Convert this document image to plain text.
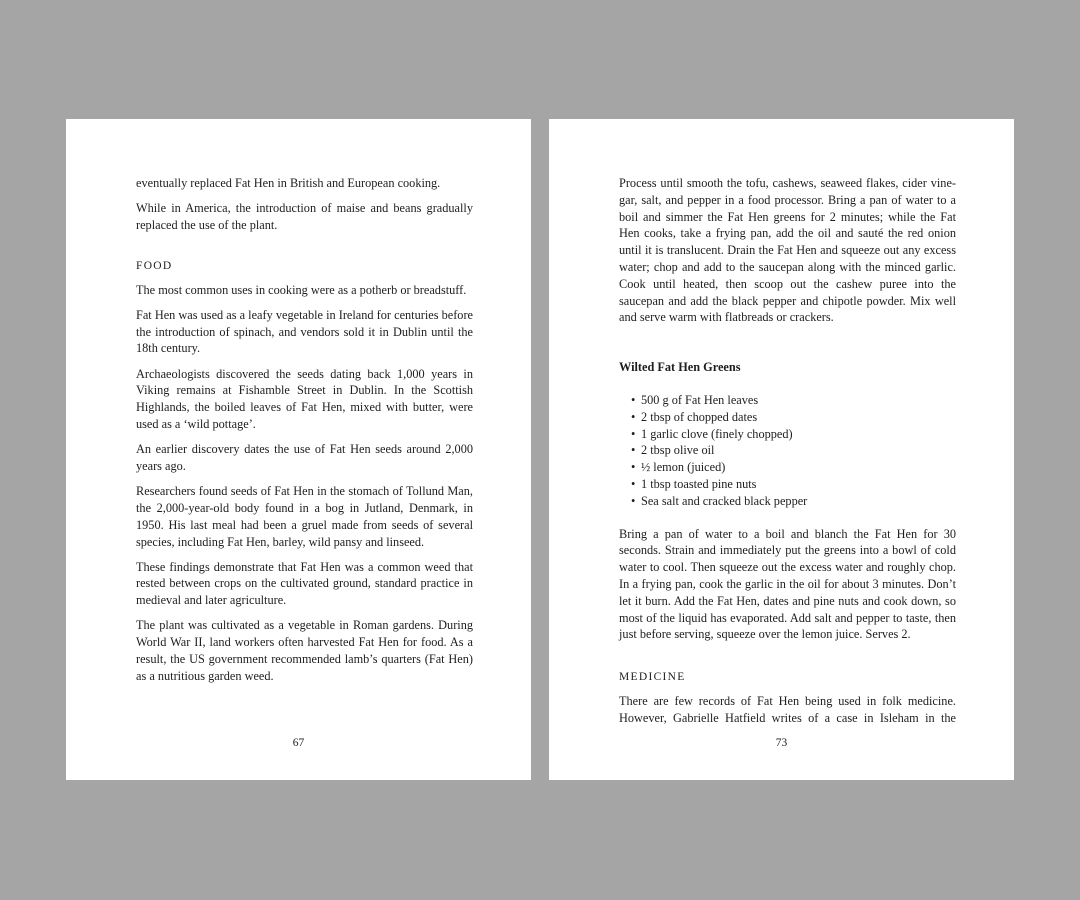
eventually replaced Fat Hen in British and European cooking.

While in America, the introduction of maise and beans gradually replaced the use of the plant.

FOOD

The most common uses in cooking were as a potherb or breadstuff.

Fat Hen was used as a leafy vegetable in Ireland for centuries before the introduction of spinach, and vendors sold it in Dublin until the 18th century.

Archaeologists discovered the seeds dating back 1,000 years in Viking remains at Fishamble Street in Dublin. In the Scottish Highlands, the boiled leaves of Fat Hen, mixed with butter, were used as a ‘wild pottage’.

An earlier discovery dates the use of Fat Hen seeds around 2,000 years ago.

Researchers found seeds of Fat Hen in the stomach of Tollund Man, the 2,000-year-old body found in a bog in Jutland, Denmark, in 1950. His last meal had been a gruel made from seeds of several species, including Fat Hen, barley, wild pansy and linseed.

These findings demonstrate that Fat Hen was a common weed that rested between crops on the cultivated ground, standard practice in medieval and later agriculture.

The plant was cultivated as a vegetable in Roman gardens. During World War II, land workers often harvested Fat Hen for food. As a result, the US government recommended lamb’s quarters (Fat Hen) as a nutritious garden weed.

67

Process until smooth the tofu, cashews, seaweed flakes, cider vine-gar, salt, and pepper in a food processor. Bring a pan of water to a boil and simmer the Fat Hen greens for 2 minutes; while the Fat Hen cooks, take a frying pan, add the oil and sauté the red onion until it is translucent. Drain the Fat Hen and squeeze out any excess water; chop and add to the saucepan along with the minced garlic. Cook until heated, then scoop out the cashew puree into the saucepan and add the black pepper and chipotle powder. Mix well and serve warm with flatbreads or crackers.

Wilted Fat Hen Greens
• 500 g of Fat Hen leaves
• 2 tbsp of chopped dates
• 1 garlic clove (finely chopped)
• 2 tbsp olive oil
• ½ lemon (juiced)
• 1 tbsp toasted pine nuts
• Sea salt and cracked black pepper

Bring a pan of water to a boil and blanch the Fat Hen for 30 seconds. Strain and immediately put the greens into a bowl of cold water to cool. Then squeeze out the excess water and roughly chop. In a frying pan, cook the garlic in the oil for about 3 minutes. Don’t let it burn. Add the Fat Hen, dates and pine nuts and cook down, so most of the liquid has evaporated. Add salt and pepper to taste, then just before serving, squeeze over the lemon juice. Serves 2.

MEDICINE

There are few records of Fat Hen being used in folk medicine. However, Gabrielle Hatfield writes of a case in Isleham in the

73
